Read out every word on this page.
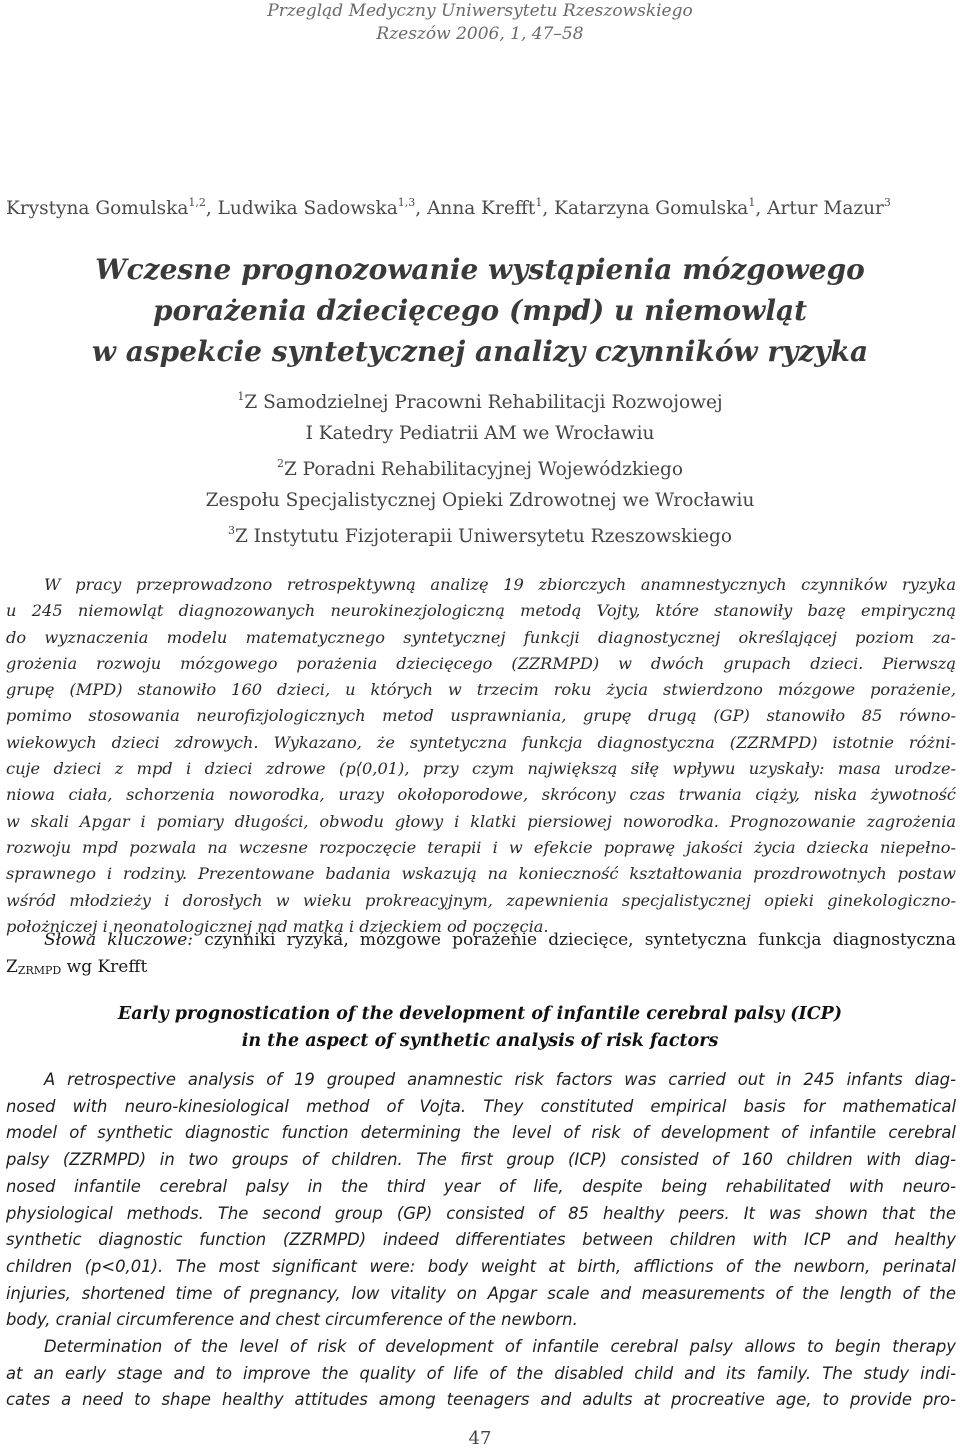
Przegląd Medyczny Uniwersytetu Rzeszowskiego
Rzeszów 2006, 1, 47–58
Krystyna Gomulska$^{1,2}$, Ludwika Sadowska$^{1,3}$, Anna Krefft$^1$, Katarzyna Gomulska$^1$, Artur Mazur$^3$
Wczesne prognozowanie wystąpienia mózgowego
porażenia dziecięcego (mpd) u niemowląt
w aspekcie syntetycznej analizy czynników ryzyka
$^1$Z Samodzielnej Pracowni Rehabilitacji Rozwojowej
I Katedry Pediatrii AM we Wrocławiu
$^2$Z Poradni Rehabilitacyjnej Wojewódzkiego
Zespołu Specjalistycznej Opieki Zdrowotnej we Wrocławiu
$^3$Z Instytutu Fizjoterapii Uniwersytetu Rzeszowskiego
W pracy przeprowadzono retrospektywną analizę 19 zbiorczych anamnestycznych czynników ryzyka
u 245 niemowląt diagnozowanych neurokinezjologiczną metodą Vojty, które stanowiły bazę empiryczną
do wyznaczenia modelu matematycznego syntetycznej funkcji diagnostycznej określającej poziom za-
grożenia rozwoju mózgowego porażenia dziecięcego (ZZRMPD) w dwóch grupach dzieci. Pierwszą
grupę (MPD) stanowiło 160 dzieci, u których w trzecim roku życia stwierdzono mózgowe porażenie,
pomimo stosowania neurofizjologicznych metod usprawniania, grupę drugą (GP) stanowiło 85 równo-
wiekowych dzieci zdrowych. Wykazano, że syntetyczna funkcja diagnostyczna (ZZRMPD) istotnie różni-
cuje dzieci z mpd i dzieci zdrowe (p⟨0,01), przy czym największą siłę wpływu uzyskały: masa urodze-
niowa ciała, schorzenia noworodka, urazy okołoporodowe, skrócony czas trwania ciąży, niska żywotność
w skali Apgar i pomiary długości, obwodu głowy i klatki piersiowej noworodka. Prognozowanie zagrożenia
rozwoju mpd pozwala na wczesne rozpoczęcie terapii i w efekcie poprawę jakości życia dziecka niepełno-
sprawnego i rodziny. Prezentowane badania wskazują na konieczność kształtowania prozdrowotnych postaw
wśród młodzieży i dorosłych w wieku prokreacyjnym, zapewnienia specjalistycznej opieki ginekologiczno-
położniczej i neonatologicznej nad matką i dzieckiem od poczęcia.
Słowa kluczowe: czynniki ryzyka, mózgowe porażenie dziecięce, syntetyczna funkcja diagnostyczna
ZZRMPD wg Krefft
Early prognostication of the development of infantile cerebral palsy (ICP)
in the aspect of synthetic analysis of risk factors
A retrospective analysis of 19 grouped anamnestic risk factors was carried out in 245 infants diag-
nosed with neuro-kinesiological method of Vojta. They constituted empirical basis for mathematical
model of synthetic diagnostic function determining the level of risk of development of infantile cerebral
palsy (ZZRMPD) in two groups of children. The first group (ICP) consisted of 160 children with diag-
nosed infantile cerebral palsy in the third year of life, despite being rehabilitated with neuro-
physiological methods. The second group (GP) consisted of 85 healthy peers. It was shown that the
synthetic diagnostic function (ZZRMPD) indeed differentiates between children with ICP and healthy
children (p<0,01). The most significant were: body weight at birth, afflictions of the newborn, perinatal
injuries, shortened time of pregnancy, low vitality on Apgar scale and measurements of the length of the
body, cranial circumference and chest circumference of the newborn.
Determination of the level of risk of development of infantile cerebral palsy allows to begin therapy
at an early stage and to improve the quality of life of the disabled child and its family. The study indi-
cates a need to shape healthy attitudes among teenagers and adults at procreative age, to provide pro-
47
